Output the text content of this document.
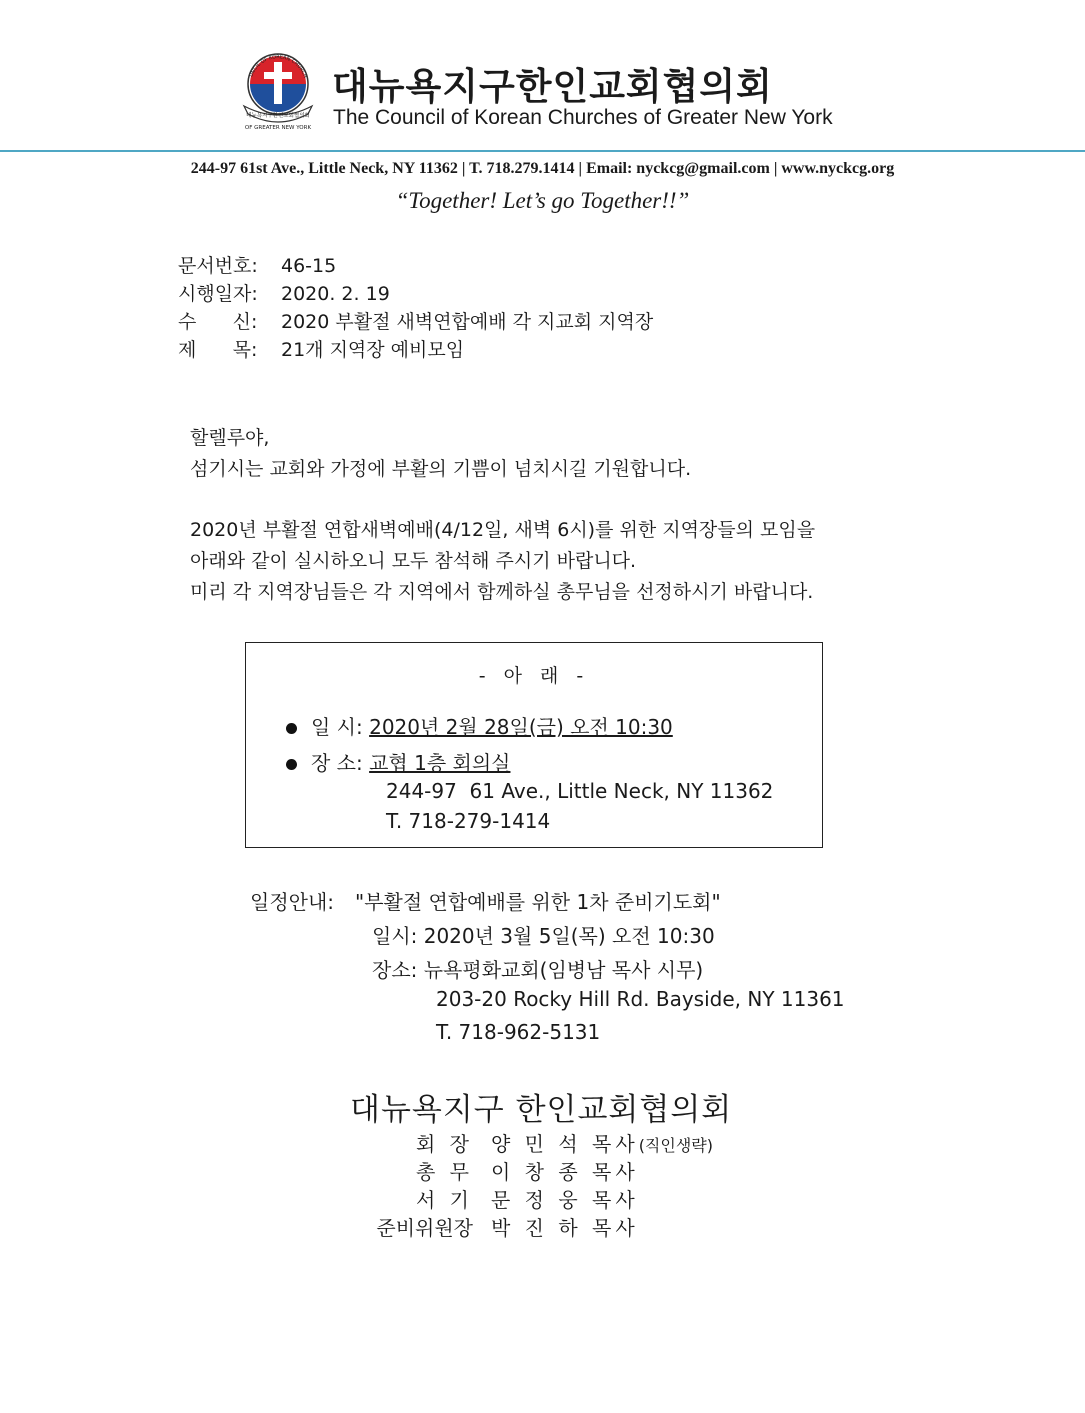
대뉴욕지구한인교회협의회
OF GREATER NEW YORK
UNCIL OF KOREAN CHURCH 대뉴욕지구한인교회협의회
The Council of Korean Churches of Greater New York
244-97 61st Ave., Little Neck, NY 11362 | T. 718.279.1414 | Email: nyckcg@gmail.com | www.nyckcg.org
“Together! Let’s go Together!!”
문서번호: 46-15
시행일자: 2020. 2. 19
수      신: 2020 부활절 새벽연합예배 각 지교회 지역장
제      목: 21개 지역장 예비모임
할렐루야,
섬기시는 교회와 가정에 부활의 기쁨이 넘치시길 기원합니다.
2020년 부활절 연합새벽예배(4/12일, 새벽 6시)를 위한 지역장들의 모임을
아래와 같이 실시하오니 모두 참석해 주시기 바랍니다.
미리 각 지역장님들은 각 지역에서 함께하실 총무님을 선정하시기 바랍니다.
- 아 래 -
일 시: 2020년 2월 28일(금) 오전 10:30
장 소: 교협 1층 회의실
244-97  61 Ave., Little Neck, NY 11362
T. 718-279-1414
일정안내: "부활절 연합예배를 위한 1차 준비기도회"
일시: 2020년 3월 5일(목) 오전 10:30
장소: 뉴욕평화교회(임병남 목사 시무)
203-20 Rocky Hill Rd. Bayside, NY 11361
T. 718-962-5131
대뉴욕지구 한인교회협의회
회 장 양 민 석 목사(직인생략)
총 무 이 창 종 목사
서 기 문 정 웅 목사
준비위원장 박 진 하 목사
